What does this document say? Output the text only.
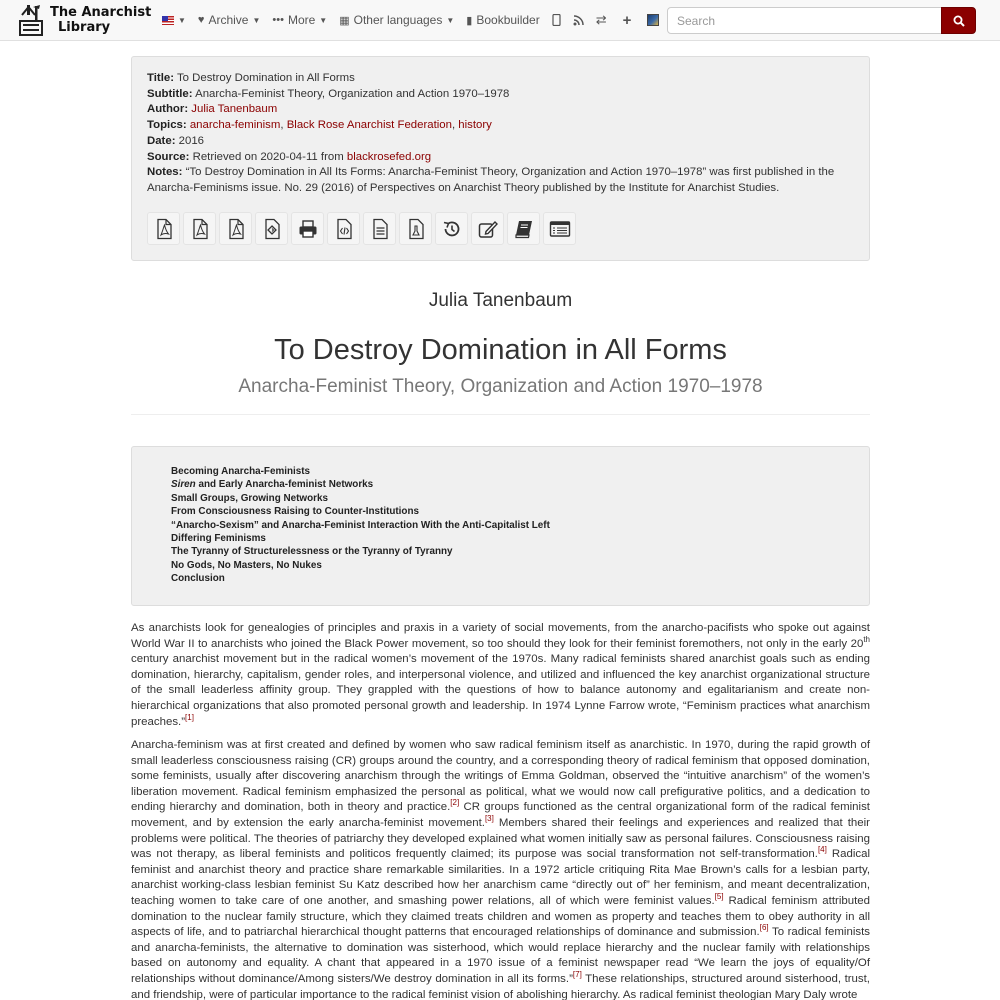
The Anarchist
Library	▼ ♥ Archive ▼ ••• More ▼ ▦ Other languages ▼ ▮ Bookbuilder	⇄ +
Search
Title: To Destroy Domination in All Forms
Subtitle: Anarcha-Feminist Theory, Organization and Action 1970–1978
Author: Julia Tanenbaum
Topics: anarcha-feminism, Black Rose Anarchist Federation, history
Date: 2016
Source: Retrieved on 2020-04-11 from blackrosefed.org
Notes: “To Destroy Domination in All Its Forms: Anarcha-Feminist Theory, Organization and Action 1970–1978” was first published in the Anarcha-Feminisms issue. No. 29 (2016) of Perspectives on Anarchist Theory published by the Institute for Anarchist Studies.
Julia Tanenbaum
To Destroy Domination in All Forms
Anarcha-Feminist Theory, Organization and Action 1970–1978
Becoming Anarcha-Feminists
Siren and Early Anarcha-feminist Networks
Small Groups, Growing Networks
From Consciousness Raising to Counter-Institutions
“Anarcho-Sexism” and Anarcha-Feminist Interaction With the Anti-Capitalist Left
Differing Feminisms
The Tyranny of Structurelessness or the Tyranny of Tyranny
No Gods, No Masters, No Nukes
Conclusion

As anarchists look for genealogies of principles and praxis in a variety of social movements, from the anarcho-pacifists who spoke out against World War II to anarchists who joined the Black Power movement, so too should they look for their feminist foremothers, not only in the early 20th century anarchist movement but in the radical women’s movement of the 1970s. Many radical feminists shared anarchist goals such as ending domination, hierarchy, capitalism, gender roles, and interpersonal violence, and utilized and influenced the key anarchist organizational structure of the small leaderless affinity group. They grappled with the questions of how to balance autonomy and egalitarianism and create non-hierarchical organizations that also promoted personal growth and leadership. In 1974 Lynne Farrow wrote, “Feminism practices what anarchism preaches.”[1]

Anarcha-feminism was at first created and defined by women who saw radical feminism itself as anarchistic. In 1970, during the rapid growth of small leaderless consciousness raising (CR) groups around the country, and a corresponding theory of radical feminism that opposed domination, some feminists, usually after discovering anarchism through the writings of Emma Goldman, observed the “intuitive anarchism” of the women’s liberation movement. Radical feminism emphasized the personal as political, what we would now call prefigurative politics, and a dedication to ending hierarchy and domination, both in theory and practice.[2] CR groups functioned as the central organizational form of the radical feminist movement, and by extension the early anarcha-feminist movement.[3] Members shared their feelings and experiences and realized that their problems were political. The theories of patriarchy they developed explained what women initially saw as personal failures. Consciousness raising was not therapy, as liberal feminists and politicos frequently claimed; its purpose was social transformation not self-transformation.[4] Radical feminist and anarchist theory and practice share remarkable similarities. In a 1972 article critiquing Rita Mae Brown’s calls for a lesbian party, anarchist working-class lesbian feminist Su Katz described how her anarchism came “directly out of” her feminism, and meant decentralization, teaching women to take care of one another, and smashing power relations, all of which were feminist values.[5] Radical feminism attributed domination to the nuclear family structure, which they claimed treats children and women as property and teaches them to obey authority in all aspects of life, and to patriarchal hierarchical thought patterns that encouraged relationships of dominance and submission.[6] To radical feminists and anarcha-feminists, the alternative to domination was sisterhood, which would replace hierarchy and the nuclear family with relationships based on autonomy and equality. A chant that appeared in a 1970 issue of a feminist newspaper read “We learn the joys of equality/Of relationships without dominance/Among sisters/We destroy domination in all its forms.”[7] These relationships, structured around sisterhood, trust, and friendship, were of particular importance to the radical feminist vision of abolishing hierarchy. As radical feminist theologian Mary Daly wrote
